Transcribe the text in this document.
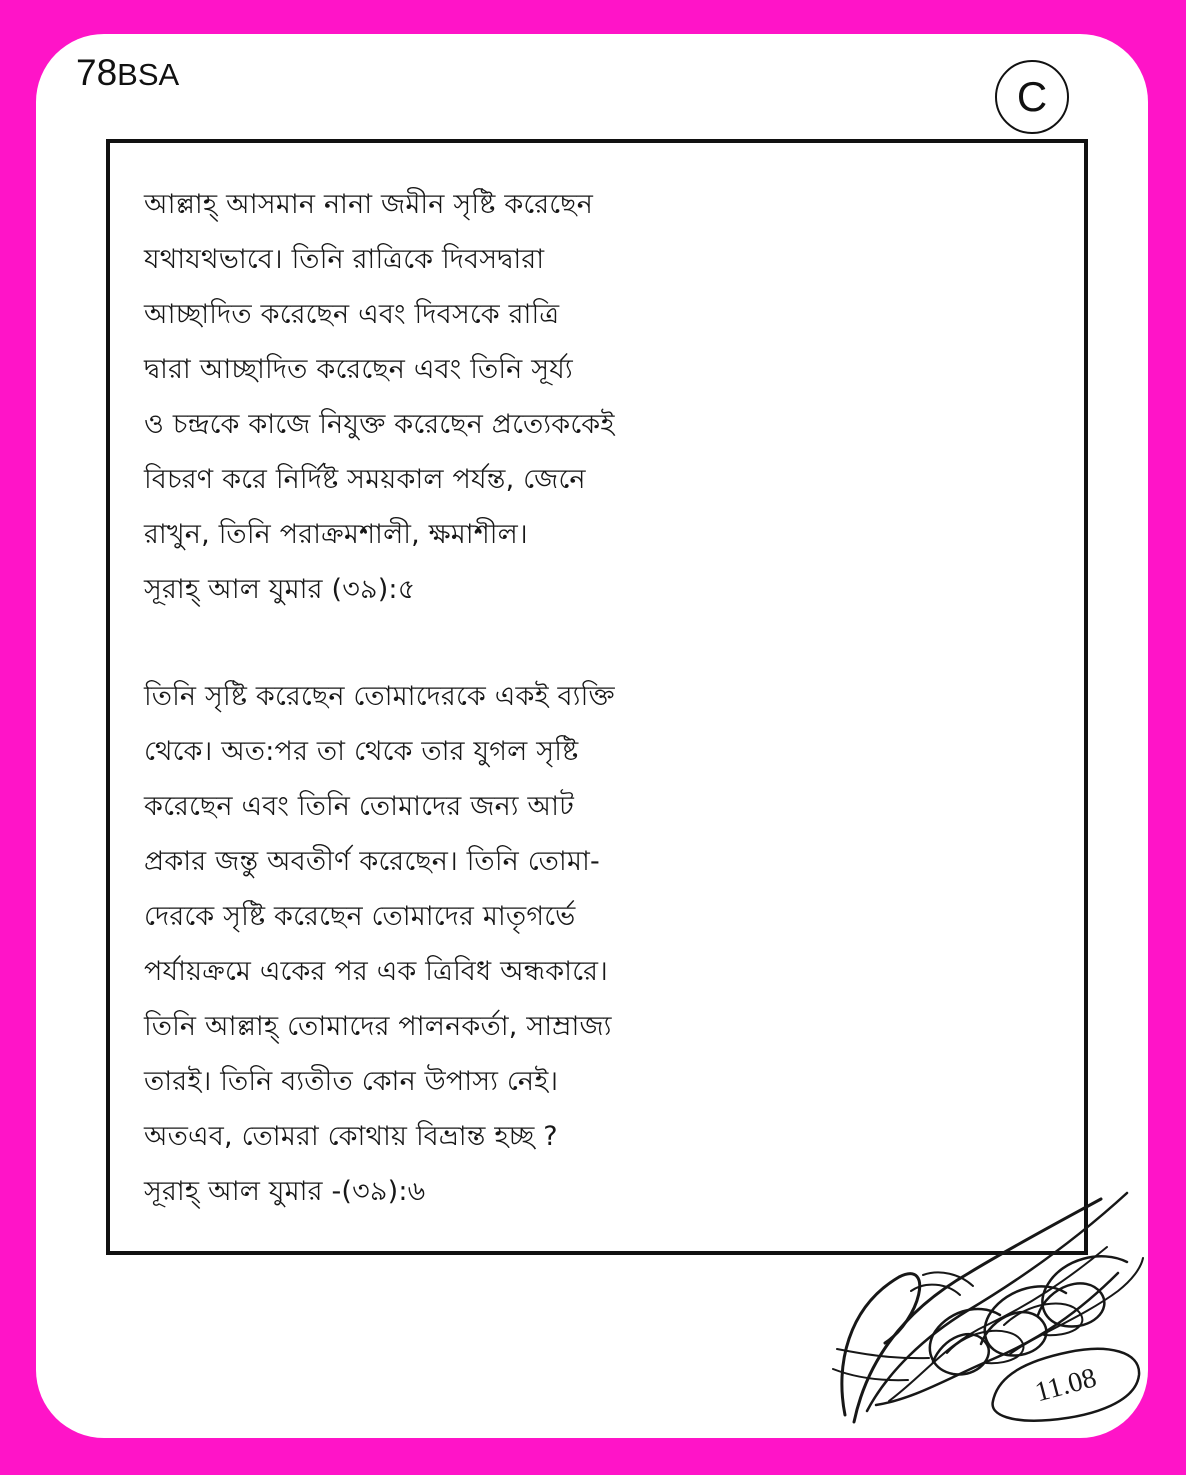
78BSA	C

আল্লাহ্ আসমান নানা জমীন সৃষ্টি করেছেন
যথাযথভাবে। তিনি রাত্রিকে দিবসদ্বারা
আচ্ছাদিত করেছেন এবং দিবসকে রাত্রি
দ্বারা আচ্ছাদিত করেছেন এবং তিনি সূর্য্য
ও চন্দ্রকে কাজে নিযুক্ত করেছেন প্রত্যেককেই
বিচরণ করে নির্দিষ্ট সময়কাল পর্যন্ত, জেনে
রাখুন, তিনি পরাক্রমশালী, ক্ষমাশীল।

সূরাহ্ আল যুমার (৩৯):৫

তিনি সৃষ্টি করেছেন তোমাদেরকে একই ব্যক্তি
থেকে। অত:পর তা থেকে তার যুগল সৃষ্টি
করেছেন এবং তিনি তোমাদের জন্য আট
প্রকার জন্তু অবতীর্ণ করেছেন। তিনি তোমা-
দেরকে সৃষ্টি করেছেন তোমাদের মাতৃগর্ভে
পর্যায়ক্রমে একের পর এক ত্রিবিধ অন্ধকারে।
তিনি আল্লাহ্ তোমাদের পালনকর্তা, সাম্রাজ্য
তারই। তিনি ব্যতীত কোন উপাস্য নেই।
অতএব, তোমরা কোথায় বিভ্রান্ত হচ্ছ ?

সূরাহ্ আল যুমার -(৩৯):৬

11.08
